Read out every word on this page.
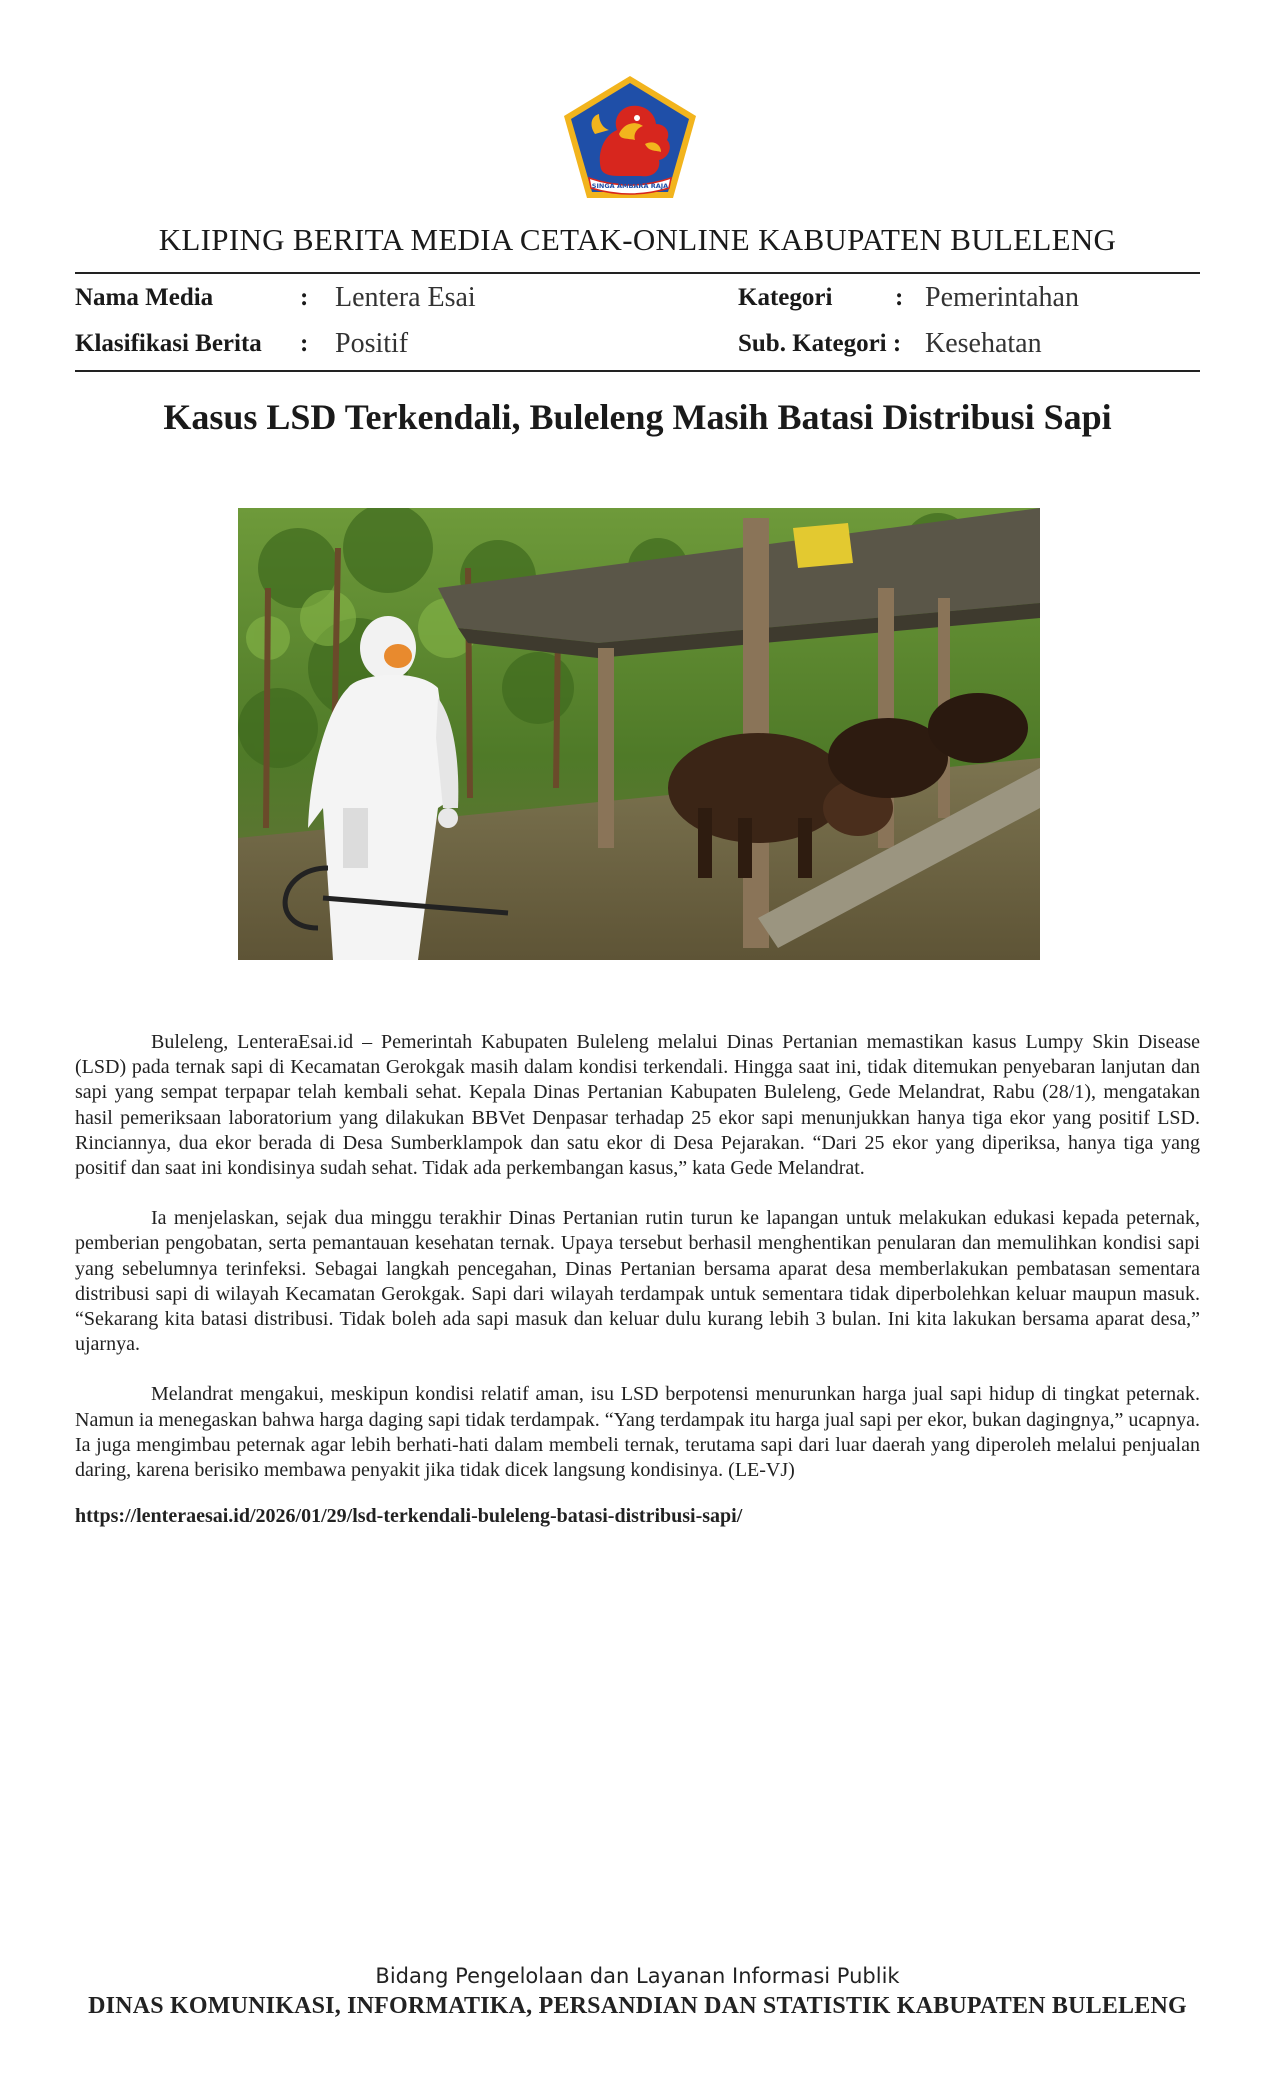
SINGA AMBARA RAJA
KLIPING BERITA MEDIA CETAK-ONLINE KABUPATEN BULELENG
Nama Media	: Lentera Esai	Kategori	: Pemerintahan
Klasifikasi Berita : Positif	Sub. Kategori : Kesehatan
Kasus LSD Terkendali, Buleleng Masih Batasi Distribusi Sapi

Buleleng, LenteraEsai.id – Pemerintah Kabupaten Buleleng melalui Dinas Pertanian memastikan kasus Lumpy Skin Disease (LSD) pada ternak sapi di Kecamatan Gerokgak masih dalam kondisi terkendali. Hingga saat ini, tidak ditemukan penyebaran lanjutan dan sapi yang sempat terpapar telah kembali sehat. Kepala Dinas Pertanian Kabupaten Buleleng, Gede Melandrat, Rabu (28/1), mengatakan hasil pemeriksaan laboratorium yang dilakukan BBVet Denpasar terhadap 25 ekor sapi menunjukkan hanya tiga ekor yang positif LSD. Rinciannya, dua ekor berada di Desa Sumberklampok dan satu ekor di Desa Pejarakan. “Dari 25 ekor yang diperiksa, hanya tiga yang positif dan saat ini kondisinya sudah sehat. Tidak ada perkembangan kasus,” kata Gede Melandrat.

Ia menjelaskan, sejak dua minggu terakhir Dinas Pertanian rutin turun ke lapangan untuk melakukan edukasi kepada peternak, pemberian pengobatan, serta pemantauan kesehatan ternak. Upaya tersebut berhasil menghentikan penularan dan memulihkan kondisi sapi yang sebelumnya terinfeksi. Sebagai langkah pencegahan, Dinas Pertanian bersama aparat desa memberlakukan pembatasan sementara distribusi sapi di wilayah Kecamatan Gerokgak. Sapi dari wilayah terdampak untuk sementara tidak diperbolehkan keluar maupun masuk. “Sekarang kita batasi distribusi. Tidak boleh ada sapi masuk dan keluar dulu kurang lebih 3 bulan. Ini kita lakukan bersama aparat desa,” ujarnya.

Melandrat mengakui, meskipun kondisi relatif aman, isu LSD berpotensi menurunkan harga jual sapi hidup di tingkat peternak. Namun ia menegaskan bahwa harga daging sapi tidak terdampak. “Yang terdampak itu harga jual sapi per ekor, bukan dagingnya,” ucapnya. Ia juga mengimbau peternak agar lebih berhati-hati dalam membeli ternak, terutama sapi dari luar daerah yang diperoleh melalui penjualan daring, karena berisiko membawa penyakit jika tidak dicek langsung kondisinya. (LE-VJ)

https://lenteraesai.id/2026/01/29/lsd-terkendali-buleleng-batasi-distribusi-sapi/
Bidang Pengelolaan dan Layanan Informasi Publik
DINAS KOMUNIKASI, INFORMATIKA, PERSANDIAN DAN STATISTIK KABUPATEN BULELENG
